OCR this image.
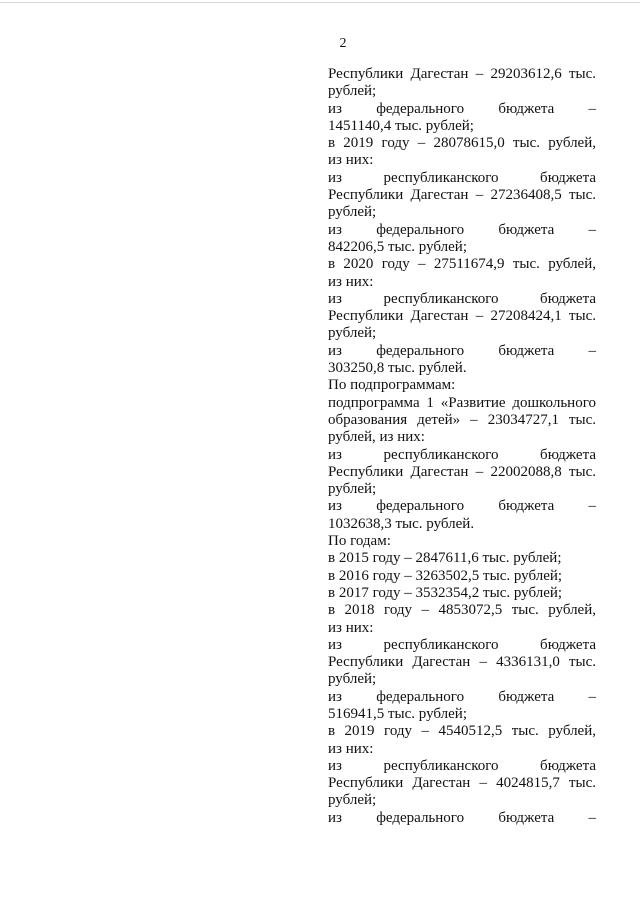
2
Республики Дагестан – 29203612,6 тыс.
рублей;
из федерального бюджета –
1451140,4 тыс. рублей;
в 2019 году – 28078615,0 тыс. рублей,
из них:
из республиканского бюджета
Республики Дагестан – 27236408,5 тыс.
рублей;
из федерального бюджета –
842206,5 тыс. рублей;
в 2020 году – 27511674,9 тыс. рублей,
из них:
из республиканского бюджета
Республики Дагестан – 27208424,1 тыс.
рублей;
из федерального бюджета –
303250,8 тыс. рублей.
По подпрограммам:
подпрограмма 1 «Развитие дошкольного
образования детей» – 23034727,1 тыс.
рублей, из них:
из республиканского бюджета
Республики Дагестан – 22002088,8 тыс.
рублей;
из федерального бюджета –
1032638,3 тыс. рублей.
По годам:
в 2015 году – 2847611,6 тыс. рублей;
в 2016 году – 3263502,5 тыс. рублей;
в 2017 году – 3532354,2 тыс. рублей;
в 2018 году – 4853072,5 тыс. рублей,
из них:
из республиканского бюджета
Республики Дагестан – 4336131,0 тыс.
рублей;
из федерального бюджета –
516941,5 тыс. рублей;
в 2019 году – 4540512,5 тыс. рублей,
из них:
из республиканского бюджета
Республики Дагестан – 4024815,7 тыс.
рублей;
из федерального бюджета –
